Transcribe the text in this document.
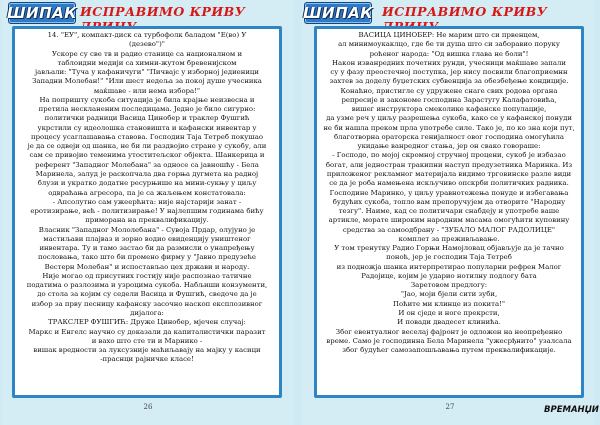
ШИПАК ИСПРАВИМО КРИВУ
14. "ЕУ", компакт-диск са турбофолк баладом "Е(во) У
(дезево")"
Ускоре су све тв и радио станице са националном и
таблоидни медији са химни-жутом бревенијском
јављали: "Туча у кафаничуги" "Пичвајс у изборној једиеници
Западни Молебан!" "Или шест недеља за покој душе учесника
маќшаве - или нема избора!"
На поприштy сукоба ситуација је била крајње неизвесна и
претила нескланеним последицама. Једно је било сигурно:
политички радници Васица Цинобер и траклер Фушгић
укрстили су идеолошка становишта и кафански инвентар у
процесу усаглашавања ставова. Господин Таја Тетреб покушао
је да се одвеји од шанка, не би ли раздвојио стране у сукобу, али
сам се привојио теменима утоститељског објекта. Шанкерица и
референт "Западног Молебана" за односе са јавношћу - Бела
Маринела, залуд је раскопчала два горња дугмета на радној
блузи и укратко додатне ресурњише на мини-сукњу у циљу
одвраћања агресора, па је са жаљењем констатовала:
- Апсолутно сам ужеерћнта: није најстарији занат -
еротизирање, већ - политизирање! У најлепшим годинама бићу
приморана на преквалификацију.
Власник "Западног Мололебана" - Сувоја Прдар, олујуно је
мастиљави плајваз и зорно водио евиденцију уништеног
инвентара. Ту и тамо застао би да размисли о унапређењу
пословања, тако што би промено фирму у "Јавно предузеће
Вестерн Молебан" и испостављао цех држави и народу.
Није могао од присутних гостију није распознао татичне
податима о разлозима и узроцима сукоба. Набљиши конзументи,
до стола за којим су седели Васица и Фушгић, сведоче да је
избор за прву песницу кафанску засочно наскоп експлозивног
дијалога:
ТРАКСЛЕР ФУШГИЋ: Друже Цинобер, мјечен случај:
Маркс и Енгелс научно су доказали да капиталистички паразит
и вахо што сте ти и Марнико -
вишак вредности за луксузније маћиљавају на мајку у касици
-праснци рајничке класе!
26
ШИПАК ИСПРАВИМО КРИВУ
ВАСИЦА ЦИНОБЕР: Не марим што си првенцем,
ал минимоукаклцо, где бе ти душа што си заборавио поруку
роћеног народа: "Од вишка глава не боли"!
Након изванредних почетних рунди, учесници маќшаве запали
су у фазу преостечној поступка, јер нису посвили благоприемнн
захтев за доделу буџетских субвенција за обезбеђење кондиције.
Конаћно, пристигле су удружене снаге свих родова органа
репресије и закономе господина Зарастугу Калафатовића,
вишег инструктора смеколике кафанске популације,
да узме реч у циљу разрешења сукоба, како се у кафанској понуди
не би нашла преком прла употребе силе. Тако је, по ко зна који пут,
благотворна ораторска генијалност овог господина омогућила
укидање ванредног стања, јер он свако говораше:
- Господо, по мојој скромној стручној процени, сукоб је избазао
богат, али једностран тракипни наступ предузетника Маринка. Из
приложеног рекламног материјала видимо трговинске разле види
се да је роба намењена искључиво опскрби политичких радника.
Господине Маринко, у циљу уравнотежења понуде и избегавања
будућих сукоба, топло вам препоручујем да отворите "Народну
тезгу". Наиме, кад се политичари снабдеју и употребе ваше
артикле, морате широким народним масама омогућити куповину
средства за самоодбрану - "ЗУБАЛО МАЛОГ РАДОЛИЦЕ"
комплет за преживљавање.
У том тренутку Радио Горњи Намојловац објављује да је тачно
поноћ, јер је господин Таја Тетреб
из подножја шанка интерпретирао популарни рефрен Малог
Радојице, којим је ударио нотилну подлогу бата
Заретовом предлогу:
"Јао, моји бјели сити зуби,
Поћите ми клинце из покита!"
И он сједе и ноге прекрсти,
И повади двадесет клинића.
Због евентуалног веселај фајронт је одложен на неопређенно
време. Само је господинна Бела Маринела "ужесрђнито" узалсала
због будућег самозапошљавања путем преквалификације.
ВРЕМАНЏИ
27
